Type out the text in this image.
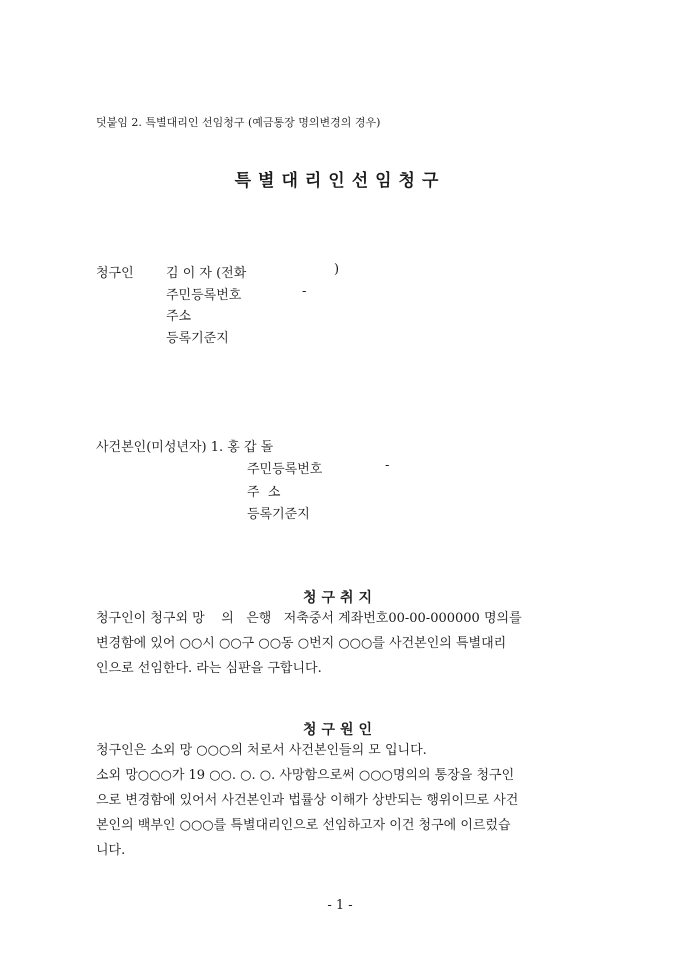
덧붙임 2. 특별대리인 선임청구 (예금통장 명의변경의 경우)
특별대리인선임청구
청구인 김 이 자 (전화	)
주민등록번호	-
주소
등록기준지
사건본인(미성년자) 1. 홍 갑 돌
주민등록번호	-
주  소
등록기준지
청구취지
청구인이 청구외 망    의   은행   저축중서 계좌번호00-00-000000 명의를
변경함에 있어 ○○시 ○○구 ○○동 ○번지 ○○○를 사건본인의 특별대리
인으로 선임한다. 라는 심판을 구합니다.
청구원인
청구인은 소외 망 ○○○의 처로서 사건본인들의 모 입니다.
소외 망○○○가 19 ○○. ○. ○. 사망함으로써 ○○○명의의 통장을 청구인
으로 변경함에 있어서 사건본인과 법률상 이해가 상반되는 행위이므로 사건
본인의 백부인 ○○○를 특별대리인으로 선임하고자 이건 청구에 이르렀습
니다.
- 1 -
